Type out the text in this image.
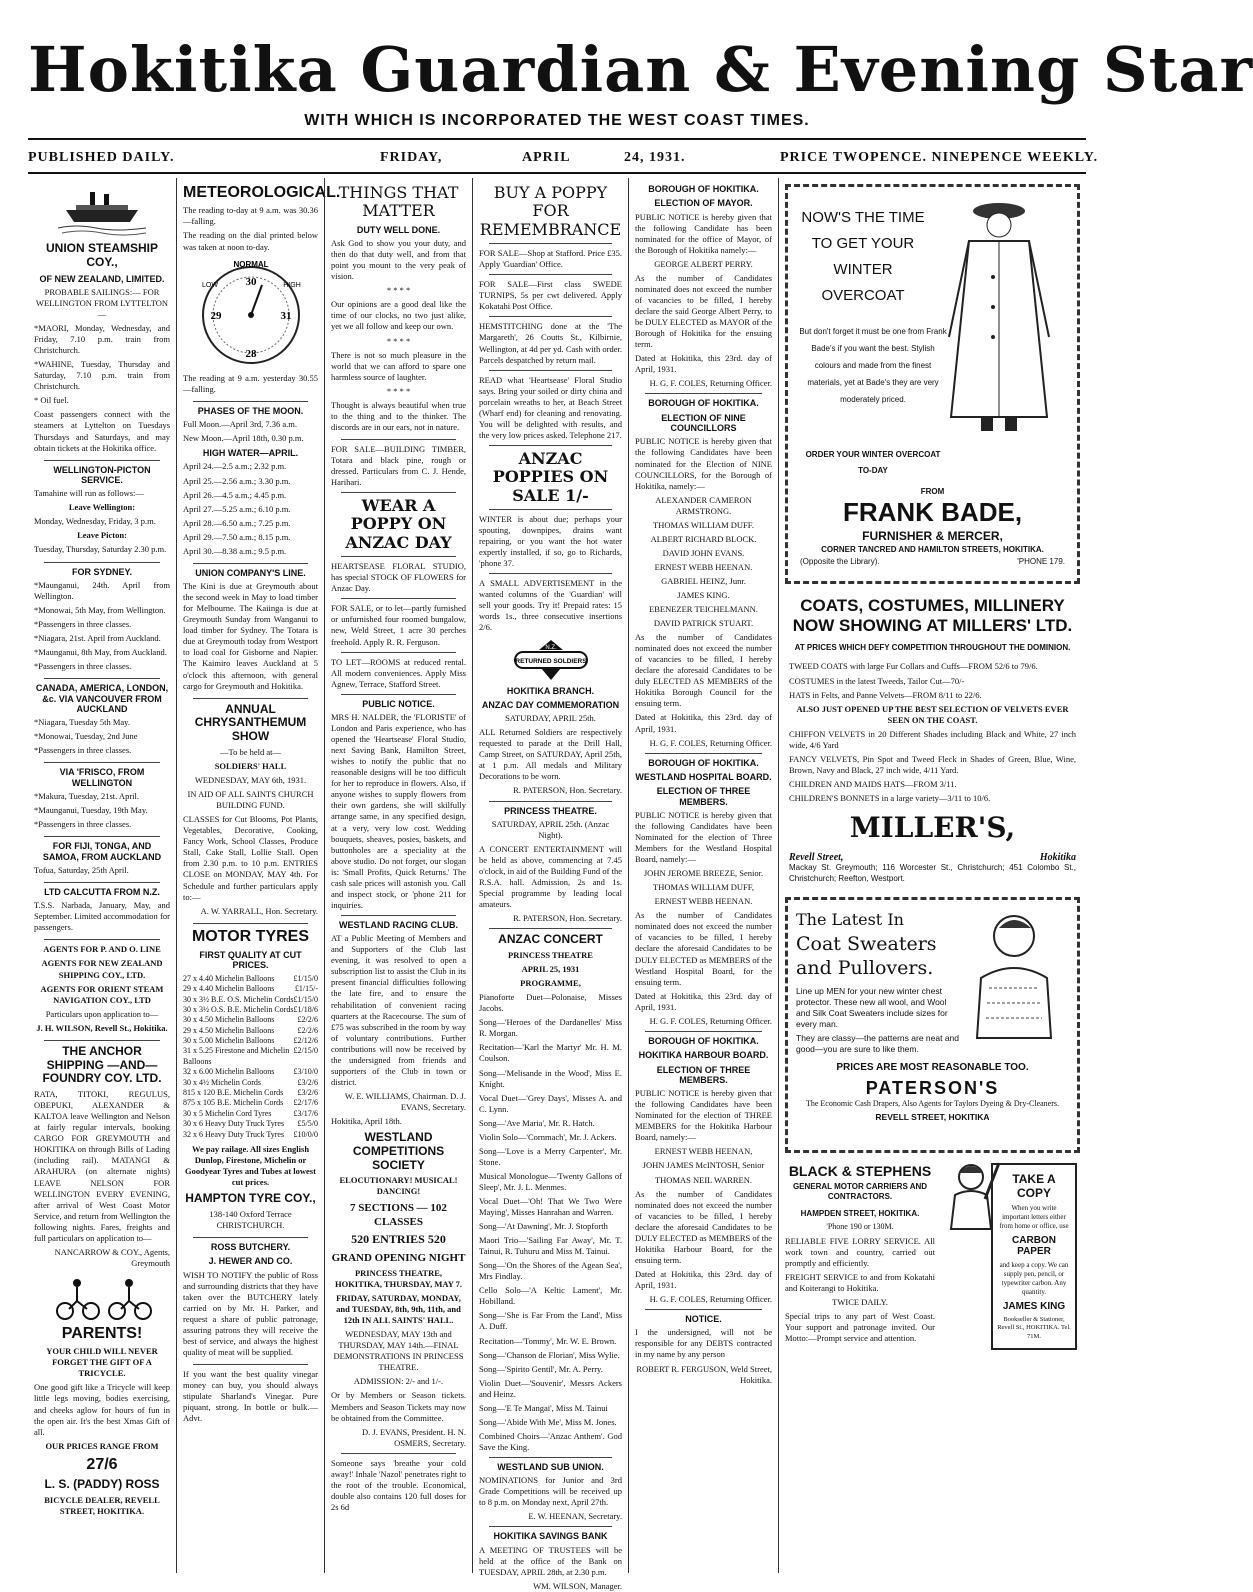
Hokitika Guardian & Evening Star
WITH WHICH IS INCORPORATED THE WEST COAST TIMES.
PUBLISHED DAILY.	FRIDAY,	APRIL	24, 1931.	PRICE TWOPENCE. NINEPENCE WEEKLY.
UNION STEAMSHIP COY.,
OF NEW ZEALAND, LIMITED.

PROBABLE SAILINGS:— FOR WELLINGTON FROM LYTTELTON—

*MAORI, Monday, Wednesday, and Friday, 7.10 p.m. train from Christchurch.

*WAHINE, Tuesday, Thursday and Saturday, 7.10 p.m. train from Christchurch.

* Oil fuel.

Coast passengers connect with the steamers at Lyttelton on Tuesdays Thursdays and Saturdays, and may obtain tickets at the Hokitika office.

WELLINGTON-PICTON SERVICE.

Tamahine will run as follows:—

Leave Wellington:

Monday, Wednesday, Friday, 3 p.m.

Leave Picton:

Tuesday, Thursday, Saturday 2.30 p.m.

FOR SYDNEY.

*Maunganui, 24th. April from Wellington.

*Monowai, 5th May, from Wellington.

*Passengers in three classes.

*Niagara, 21st. April from Auckland.

*Maunganui, 8th May, from Auckland.

*Passengers in three classes.

CANADA, AMERICA, LONDON, &c. VIA VANCOUVER FROM AUCKLAND

*Niagara, Tuesday 5th May.

*Monowai, Tuesday, 2nd June

*Passengers in three classes.

VIA 'FRISCO, FROM WELLINGTON

*Makura, Tuesday, 21st. April.

*Maunganui, Tuesday, 19th May.

*Passengers in three classes.

FOR FIJI, TONGA, AND SAMOA, FROM AUCKLAND

Tofua, Saturday, 25th April.

LTD CALCUTTA FROM N.Z.

T.S.S. Narbada, January, May, and September. Limited accommodation for passengers.

AGENTS FOR P. AND O. LINE

AGENTS FOR NEW ZEALAND SHIPPING COY., LTD.

AGENTS FOR ORIENT STEAM NAVIGATION COY., LTD

Particulars upon application to—

J. H. WILSON, Revell St., Hokitika.

THE ANCHOR SHIPPING —AND— FOUNDRY COY. LTD.

RATA, TITOKI, REGULUS, OBEPUKI, ALEXANDER & KALTOA leave Wellington and Nelson at fairly regular intervals, booking CARGO FOR GREYMOUTH and HOKITIKA on through Bills of Lading (including rail). MATANGI & ARAHURA (on alternate nights) LEAVE NELSON FOR WELLINGTON EVERY EVENING, after arrival of West Coast Motor Service, and return from Wellington the following nights. Fares, freights and full particulars on application to—

NANCARROW & COY., Agents, Greymouth

PARENTS!

YOUR CHILD WILL NEVER FORGET THE GIFT OF A TRICYCLE.

One good gift like a Tricycle will keep little legs moving, bodies exercising, and cheeks aglow for hours of fun in the open air. It's the best Xmas Gift of all.

OUR PRICES RANGE FROM

27/6
L. S. (PADDY) ROSS

BICYCLE DEALER, REVELL STREET, HOKITIKA.

METEOROLOGICAL.

The reading to-day at 9 a.m. was 30.36—falling.

The reading on the dial printed below was taken at noon to-day.

NORMAL
30
29	31
28
LOW	HIGH

The reading at 9 a.m. yesterday 30.55—falling.

PHASES OF THE MOON.

Full Moon.—April 3rd, 7.36 a.m.

New Moon.—April 18th, 0.30 p.m.

HIGH WATER—APRIL.

April 24.—2.5 a.m.; 2.32 p.m.

April 25.—2.56 a.m.; 3.30 p.m.

April 26.—4.5 a.m.; 4.45 p.m.

April 27.—5.25 a.m.; 6.10 p.m.

April 28.—6.50 a.m.; 7.25 p.m.

April 29.—7.50 a.m.; 8.15 p.m.

April 30.—8.38 a.m.; 9.5 p.m.

UNION COMPANY'S LINE.

The Kini is due at Greymouth about the second week in May to load timber for Melbourne. The Kaiinga is due at Greymouth Sunday from Wanganui to load timber for Sydney. The Totara is due at Greymouth today from Westport to load coal for Gisborne and Napier. The Kaimiro leaves Auckland at 5 o'clock this afternoon, with general cargo for Greymouth and Hokitika.

ANNUAL CHRYSANTHEMUM SHOW

—To be held at—

SOLDIERS' HALL

WEDNESDAY, MAY 6th, 1931.

IN AID OF ALL SAINTS CHURCH BUILDING FUND.

CLASSES for Cut Blooms, Pot Plants, Vegetables, Decorative, Cooking, Fancy Work, School Classes, Produce Stall, Cake Stall, Lollie Stall. Open from 2.30 p.m. to 10 p.m. ENTRIES CLOSE on MONDAY, MAY 4th. For Schedule and further particulars apply to:—

A. W. YARRALL, Hon. Secretary.

MOTOR TYRES
FIRST QUALITY AT CUT PRICES.
27 x 4.40 Michelin Balloons £1/15/0
29 x 4.40 Michelin Balloons	£1/15/-
30 x 3½ B.E. O.S. Michelin Cords £1/15/0
30 x 3½ O.S. B.E. Michelin Cords £1/18/6
30 x 4.50 Michelin Balloons	£2/2/6
29 x 4.50 Michelin Balloons	£2/2/6
30 x 5.00 Michelin Balloons £2/12/6
31 x 5.25 Firestone and Michelin Balloons
£2/15/0
32 x 6.00 Michelin Balloons £3/10/0
30 x 4½ Michelin Cords	£3/2/6
815 x 120 B.E. Michelin Cords £3/2/6
875 x 105 B.E. Michelin Cords £2/17/6
30 x 5 Michelin Cord Tyres	£3/17/6
30 x 6 Heavy Duty Truck Tyres £5/5/0
32 x 6 Heavy Duty Truck Tyres £10/0/0

We pay railage. All sizes English Dunlop, Firestone, Michelin or Goodyear Tyres and Tubes at lowest cut prices.

HAMPTON TYRE COY.,

138-140 Oxford Terrace CHRISTCHURCH.

ROSS BUTCHERY.
J. HEWER AND CO.

WISH TO NOTIFY the public of Ross and surrounding districts that they have taken over the BUTCHERY lately carried on by Mr. H. Parker, and request a share of public patronage, assuring patrons they will receive the best of service, and always the highest quality of meat will be supplied.

If you want the best quality vinegar money can buy, you should always stipulate Sharland's Vinegar. Pure piquant, strong. In bottle or bulk.—Advt.

THINGS THAT MATTER
DUTY WELL DONE.

Ask God to show you your duty, and then do that duty well, and from that point you mount to the very peak of vision.

* * * *

Our opinions are a good deal like the time of our clocks, no two just alike, yet we all follow and keep our own.

* * * *

There is not so much pleasure in the world that we can afford to spare one harmless source of laughter.

* * * *

Thought is always beautiful when true to the thing and to the thinker. The discords are in our ears, not in nature.

FOR SALE—BUILDING TIMBER, Totara and black pine, rough or dressed. Particulars from C. J. Hende, Harihari.

WEAR A POPPY ON ANZAC DAY

HEARTSEASE FLORAL STUDIO, has special STOCK OF FLOWERS for Anzac Day.

FOR SALE, or to let—partly furnished or unfurnished four roomed bungalow, new, Weld Street, 1 acre 30 perches freehold. Apply R. R. Ferguson.

TO LET—ROOMS at reduced rental. All modern conveniences. Apply Miss Agnew, Terrace, Stafford Street.

PUBLIC NOTICE.

MRS H. NALDER, the 'FLORISTE' of London and Paris experience, who has opened the 'Heartsease' Floral Studio, next Saving Bank, Hamilton Street, wishes to notify the public that no reasonable designs will be too difficult for her to reproduce in flowers. Also, if anyone wishes to supply flowers from their own gardens, she will skilfully arrange same, in any specified design, at a very, very low cost. Wedding bouquets, sheaves, posies, baskets, and buttonholes are a speciality at the above studio. Do not forget, our slogan is: 'Small Profits, Quick Returns.' The cash sale prices will astonish you. Call and inspect stock, or 'phone 211 for inquiries.

WESTLAND RACING CLUB.

AT a Public Meeting of Members and and Supporters of the Club last evening, it was resolved to open a subscription list to assist the Club in its present financial difficulties following the late fire, and to ensure the rehabilitation of convenient racing quarters at the Racecourse. The sum of £75 was subscribed in the room by way of voluntary contributions. Further contributions will now be received by the undersigned from friends and supporters of the Club in town or district.

W. E. WILLIAMS, Chairman. D. J. EVANS, Secretary.

Hokitika, April 18th.

WESTLAND COMPETITIONS SOCIETY

ELOCUTIONARY! MUSICAL! DANCING!

7 SECTIONS — 102 CLASSES

520 ENTRIES 520

GRAND OPENING NIGHT

PRINCESS THEATRE, HOKITIKA, THURSDAY, MAY 7.

FRIDAY, SATURDAY, MONDAY, and TUESDAY, 8th, 9th, 11th, and 12th IN ALL SAINTS' HALL.

WEDNESDAY, MAY 13th and THURSDAY, MAY 14th.—FINAL DEMONSTRATIONS IN PRINCESS THEATRE.

ADMISSION: 2/- and 1/-.

Or by Members or Season tickets. Members and Season Tickets may now be obtained from the Committee.

D. J. EVANS, President. H. N. OSMERS, Secretary.

Someone says 'breathe your cold away!' Inhale 'Nazol' penetrates right to the root of the trouble. Economical, double also contains 120 full doses for 2s 6d

BUY A POPPY FOR REMEMBRANCE

FOR SALE—Shop at Stafford. Price £35. Apply 'Guardian' Office.

FOR SALE—First class SWEDE TURNIPS, 5s per cwt delivered. Apply Kokatahi Post Office.

HEMSTITCHING done at the 'The Margareth', 26 Coutts St., Kilbirnie, Wellington, at 4d per yd. Cash with order. Parcels despatched by return mail.

READ what 'Heartsease' Floral Studio says. Bring your soiled or dirty china and porcelain wreaths to her, at Beach Street (Wharf end) for cleaning and renovating. You will be delighted with results, and the very low prices asked. Telephone 217.

ANZAC POPPIES ON SALE 1/-

WINTER is about due; perhaps your spouting, downpipes, drains want repairing, or you want the hot water expertly installed, if so, go to Richards, 'phone 37.

A SMALL ADVERTISEMENT in the wanted columns of the 'Guardian' will sell your goods. Try it! Prepaid rates: 15 words 1s., three consecutive insertions 2/6.

N.Z.
RETURNED SOLDIERS
HOKITIKA BRANCH.
ANZAC DAY COMMEMORATION

SATURDAY, APRIL 25th.

ALL Returned Soldiers are respectively requested to parade at the Drill Hall, Camp Street, on SATURDAY, April 25th, at 1 p.m. All medals and Military Decorations to be worn.

R. PATERSON, Hon. Secretary.

PRINCESS THEATRE.

SATURDAY, APRIL 25th. (Anzac Night).

A CONCERT ENTERTAINMENT will be held as above, commencing at 7.45 o'clock, in aid of the Building Fund of the R.S.A. hall. Admission, 2s and 1s. Special programme by leading local amateurs.

R. PATERSON, Hon. Secretary.

ANZAC CONCERT

PRINCESS THEATRE

APRIL 25, 1931

PROGRAMME,

Pianoforte Duet—Polonaise, Misses Jacobs.

Song—'Heroes of the Dardanelles' Miss R. Morgan.

Recitation—'Karl the Martyr' Mr. H. M. Coulson.

Song—'Melisande in the Wood', Miss E. Knight.

Vocal Duet—'Grey Days', Misses A. and C. Lynn.

Song—'Ave Maria', Mr. R. Hatch.

Violin Solo—'Cornmach', Mr. J. Ackers.

Song—'Love is a Merry Carpenter', Mr. Stone.

Musical Monologue—'Twenty Gallons of Sleep', Mr. J. L. Menmes.

Vocal Duet—'Oh! That We Two Were Maying', Misses Hanrahan and Warren.

Song—'At Dawning', Mr. J. Stopforth

Maori Trio—'Sailing Far Away', Mr. T. Tainui, R. Tuhuru and Miss M. Tainui.

Song—'On the Shores of the Agean Sea', Mrs Findlay.

Cello Solo—'A Keltic Lament', Mr. Hobilland.

Song—'She is Far From the Land', Miss A. Duff.

Recitation—'Tommy', Mr. W. E. Brown.

Song—'Chanson de Florian', Miss Wylie.

Song—'Spirito Gentil', Mr. A. Perry.

Violin Duet—'Souvenir', Messrs Ackers and Heinz.

Song—'E Te Mangai', Miss M. Tainui

Song—'Abide With Me', Miss M. Jones.

Combined Choirs—'Anzac Anthem'. God Save the King.

WESTLAND SUB UNION.

NOMINATIONS for Junior and 3rd Grade Competitions will be received up to 8 p.m. on Monday next, April 27th.

E. W. HEENAN, Secretary.

HOKITIKA SAVINGS BANK

A MEETING OF TRUSTEES will be held at the office of the Bank on TUESDAY, APRIL 28th, at 2.30 p.m.

WM. WILSON, Manager.

BOROUGH OF HOKITIKA.
ELECTION OF MAYOR.

PUBLIC NOTICE is hereby given that the following Candidate has been nominated for the office of Mayor, of the Borough of Hokitika namely:—

GEORGE ALBERT PERRY.

As the number of Candidates nominated does not exceed the number of vacancies to be filled, I hereby declare the said George Albert Perry, to be DULY ELECTED as MAYOR of the Borough of Hokitika for the ensuing term.

Dated at Hokitika, this 23rd. day of April, 1931.

H. G. F. COLES, Returning Officer.

BOROUGH OF HOKITIKA.
ELECTION OF NINE COUNCILLORS

PUBLIC NOTICE is hereby given that the following Candidates have been nominated for the Election of NINE COUNCILLORS, for the Borough of Hokitika, namely:—

ALEXANDER CAMERON ARMSTRONG.

THOMAS WILLIAM DUFF.

ALBERT RICHARD BLOCK.

DAVID JOHN EVANS.

ERNEST WEBB HEENAN.

GABRIEL HEINZ, Junr.

JAMES KING.

EBENEZER TEICHELMANN.

DAVID PATRICK STUART.

As the number of Candidates nominated does not exceed the number of vacancies to be filled, I hereby declare the aforesaid Candidates to be duly ELECTED AS MEMBERS of the Hokitika Borough Council for the ensuing term.

Dated at Hokitika, this 23rd. day of April, 1931.

H. G. F. COLES, Returning Officer.

BOROUGH OF HOKITIKA.
WESTLAND HOSPITAL BOARD.
ELECTION OF THREE MEMBERS.

PUBLIC NOTICE is hereby given that the following Candidates have been Nominated for the election of Three Members for the Westland Hospital Board, namely:—

JOHN JEROME BREEZE, Senior.

THOMAS WILLIAM DUFF,

ERNEST WEBB HEENAN.

As the number of Candidates nominated does not exceed the number of vacancies to be filled, I hereby declare the aforesaid Candidates to be DULY ELECTED as MEMBERS of the Westland Hospital Board, for the ensuing term.

Dated at Hokitika, this 23rd. day of April, 1931.

H. G. F. COLES, Returning Officer.

BOROUGH OF HOKITIKA.
HOKITIKA HARBOUR BOARD.
ELECTION OF THREE MEMBERS.

PUBLIC NOTICE is hereby given that the following Candidates have been Nominated for the election of THREE MEMBERS for the Hokitika Harbour Board, namely:—

ERNEST WEBB HEENAN,

JOHN JAMES McINTOSH, Senior

THOMAS NEIL WARREN.

As the number of Candidates nominated does not exceed the number of vacancies to be filled, I hereby declare the aforesaid Candidates to be DULY ELECTED as MEMBERS of the Hokitika Harbour Board, for the ensuing term.

Dated at Hokitika, this 23rd. day of April, 1931.

H. G. F. COLES, Returning Officer.

NOTICE.

I the undersigned, will not be responsible for any DEBTS contracted in my name by any person

ROBERT R. FERGUSON, Weld Street, Hokitika.

NOW'S THE TIME
TO GET YOUR
WINTER
OVERCOAT

But don't forget it must be one from Frank Bade's if you want the best. Stylish colours and made from the finest materials, yet at Bade's they are very moderately priced.

ORDER YOUR WINTER OVERCOAT TO-DAY

FROM

FRANK BADE,
FURNISHER & MERCER,
CORNER TANCRED AND HAMILTON STREETS, HOKITIKA.
(Opposite the Library).	'PHONE 179.
COATS, COSTUMES, MILLINERY NOW SHOWING AT MILLERS' LTD.

AT PRICES WHICH DEFY COMPETITION THROUGHOUT THE DOMINION.

TWEED COATS with large Fur Collars and Cuffs—FROM 52/6 to 79/6.

COSTUMES in the latest Tweeds, Tailor Cut—70/-

HATS in Felts, and Panne Velvets—FROM 8/11 to 22/6.

ALSO JUST OPENED UP THE BEST SELECTION OF VELVETS EVER SEEN ON THE COAST.

CHIFFON VELVETS in 20 Different Shades including Black and White, 27 inch wide, 4/6 Yard

FANCY VELVETS, Pin Spot and Tweed Fleck in Shades of Green, Blue, Wine, Brown, Navy and Black, 27 inch wide, 4/11 Yard.

CHILDREN AND MAIDS HATS—FROM 3/11.

CHILDREN'S BONNETS in a large variety—3/11 to 10/6.

MILLER'S,
Revell Street,	Hokitika

Mackay St. Greymouth; 116 Worcester St., Christchurch; 451 Colombo St., Christchurch; Reefton, Westport.

The Latest In
Coat Sweaters
and Pullovers.

Line up MEN for your new winter chest protector. These new all wool, and Wool and Silk Coat Sweaters include sizes for every man.

They are classy—the patterns are neat and good—you are sure to like them.

PRICES ARE MOST REASONABLE TOO.

PATERSON'S

The Economic Cash Drapers, Also Agents for Taylors Dyeing & Dry-Cleaners.

REVELL STREET, HOKITIKA

BLACK & STEPHENS

GENERAL MOTOR CARRIERS AND CONTRACTORS.

HAMPDEN STREET, HOKITIKA.

'Phone 190 or 130M.

RELIABLE FIVE LORRY SERVICE. All work town and country, carried out promptly and efficiently.

FREIGHT SERVICE to and from Kokatahi and Koiterangi to Hokitika.

TWICE DAILY.

Special trips to any part of West Coast. Your support and patronage invited. Our Motto:—Prompt service and attention.

TAKE A COPY

When you write important letters either from home or office, use

CARBON PAPER

and keep a copy. We can supply pen, pencil, or typewriter carbon. Any quantity.

JAMES KING

Bookseller & Stationer, Revell St., HOKITIKA. Tel. 71M.
